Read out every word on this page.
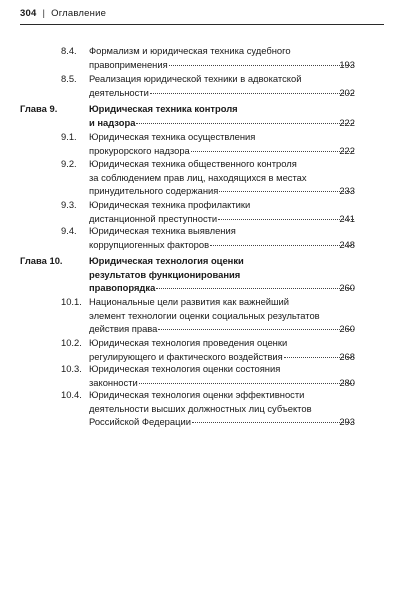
304 | Оглавление
8.4.	Формализм и юридическая техника судебного
правоприменения	193
8.5.	Реализация юридической техники в адвокатской
деятельности	202
Глава 9.	Юридическая техника контроля
и надзора	222
9.1.	Юридическая техника осуществления
прокурорского надзора	222
9.2.	Юридическая техника общественного контроля
за соблюдением прав лиц, находящихся в местах
принудительного содержания	233
9.3.	Юридическая техника профилактики
дистанционной преступности	241
9.4.	Юридическая техника выявления
коррупциогенных факторов	248
Глава 10.	Юридическая технология оценки
результатов функционирования
правопорядка	260
10.1. Национальные цели развития как важнейший
элемент технологии оценки социальных результатов
действия права	260
10.2. Юридическая технология проведения оценки
регулирующего и фактического воздействия	268
10.3. Юридическая технология оценки состояния
законности	280
10.4. Юридическая технология оценки эффективности
деятельности высших должностных лиц субъектов
Российской Федерации	293
